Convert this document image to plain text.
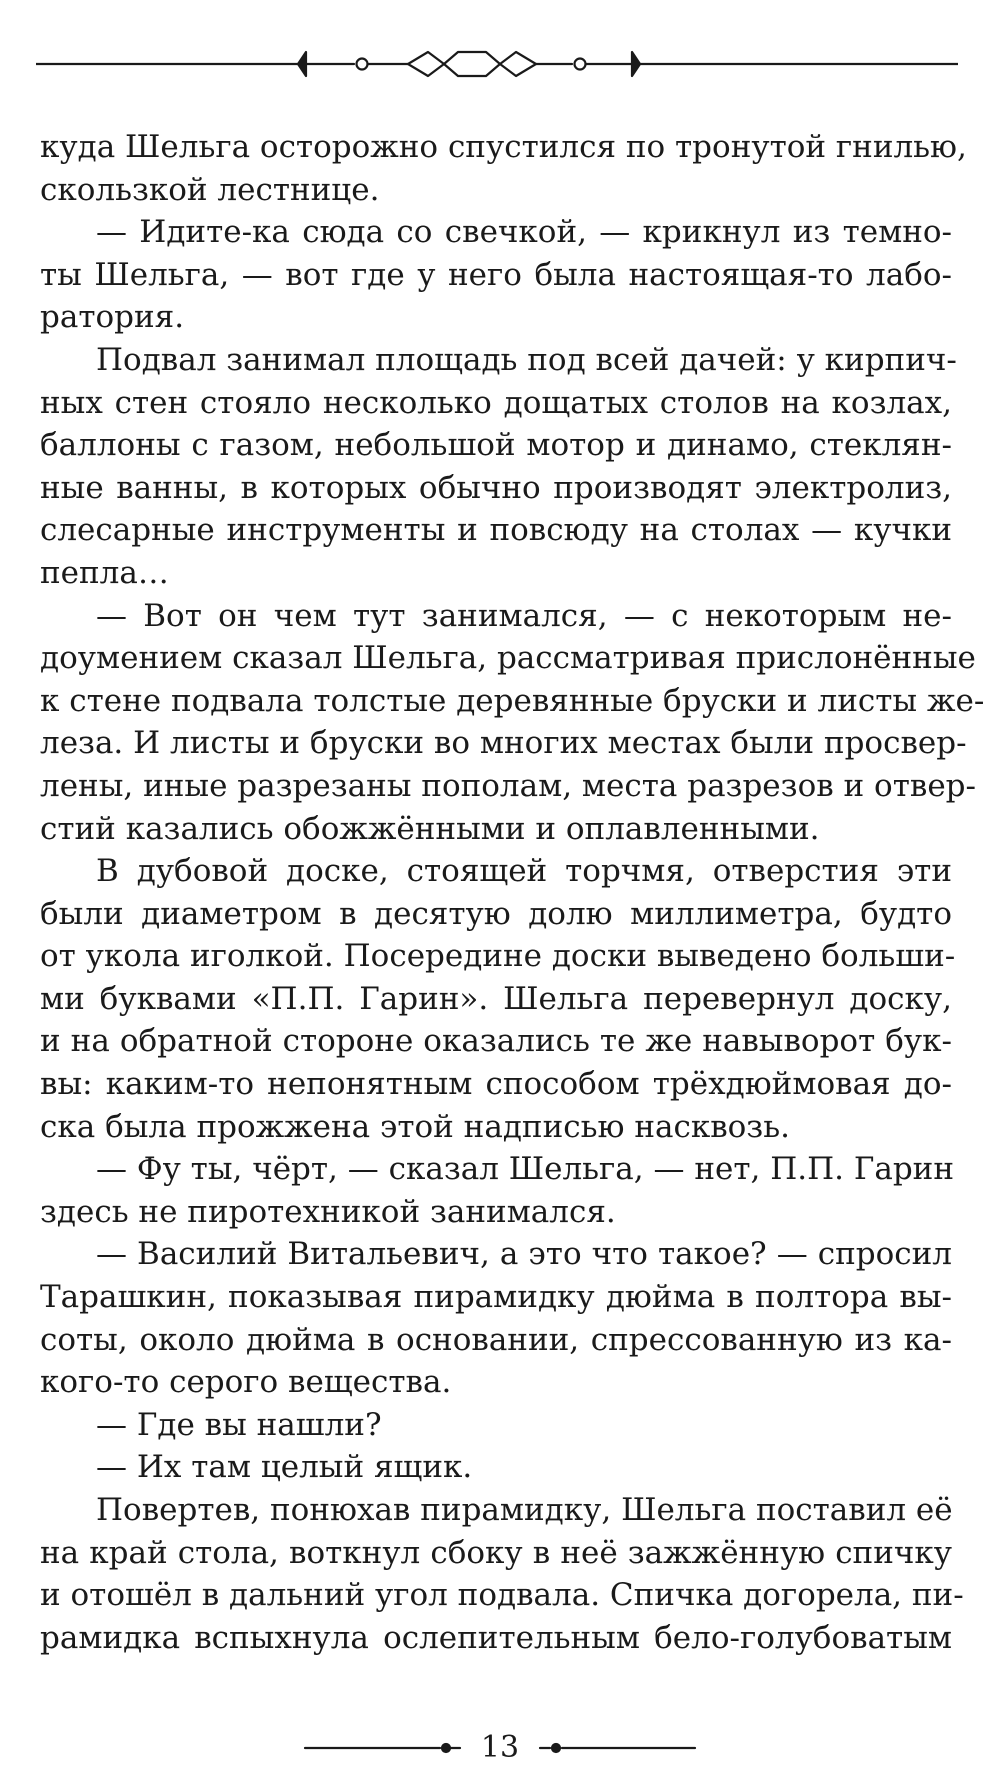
куда Шельга осторожно спустился по тронутой гнилью,
скользкой лестнице.
— Идите-ка сюда со свечкой, — крикнул из темно-
ты Шельга, — вот где у него была настоящая-то лабо-
ратория.
Подвал занимал площадь под всей дачей: у кирпич-
ных стен стояло несколько дощатых столов на козлах,
баллоны с газом, небольшой мотор и динамо, стеклян-
ные ванны, в которых обычно производят электролиз,
слесарные инструменты и повсюду на столах — кучки
пепла…
— Вот он чем тут занимался, — с некоторым не-
доумением сказал Шельга, рассматривая прислонённые
к стене подвала толстые деревянные бруски и листы же-
леза. И листы и бруски во многих местах были просвер-
лены, иные разрезаны пополам, места разрезов и отвер-
стий казались обожжёнными и оплавленными.
В дубовой доске, стоящей торчмя, отверстия эти
были диаметром в десятую долю миллиметра, будто
от укола иголкой. Посередине доски выведено больши-
ми буквами «П.П. Гарин». Шельга перевернул доску,
и на обратной стороне оказались те же навыворот бук-
вы: каким-то непонятным способом трёхдюймовая до-
ска была прожжена этой надписью насквозь.
— Фу ты, чёрт, — сказал Шельга, — нет, П.П. Гарин
здесь не пиротехникой занимался.
— Василий Витальевич, а это что такое? — спросил
Тарашкин, показывая пирамидку дюйма в полтора вы-
соты, около дюйма в основании, спрессованную из ка-
кого-то серого вещества.
— Где вы нашли?
— Их там целый ящик.
Повертев, понюхав пирамидку, Шельга поставил её
на край стола, воткнул сбоку в неё зажжённую спичку
и отошёл в дальний угол подвала. Спичка догорела, пи-
рамидка вспыхнула ослепительным бело-голубоватым
13
